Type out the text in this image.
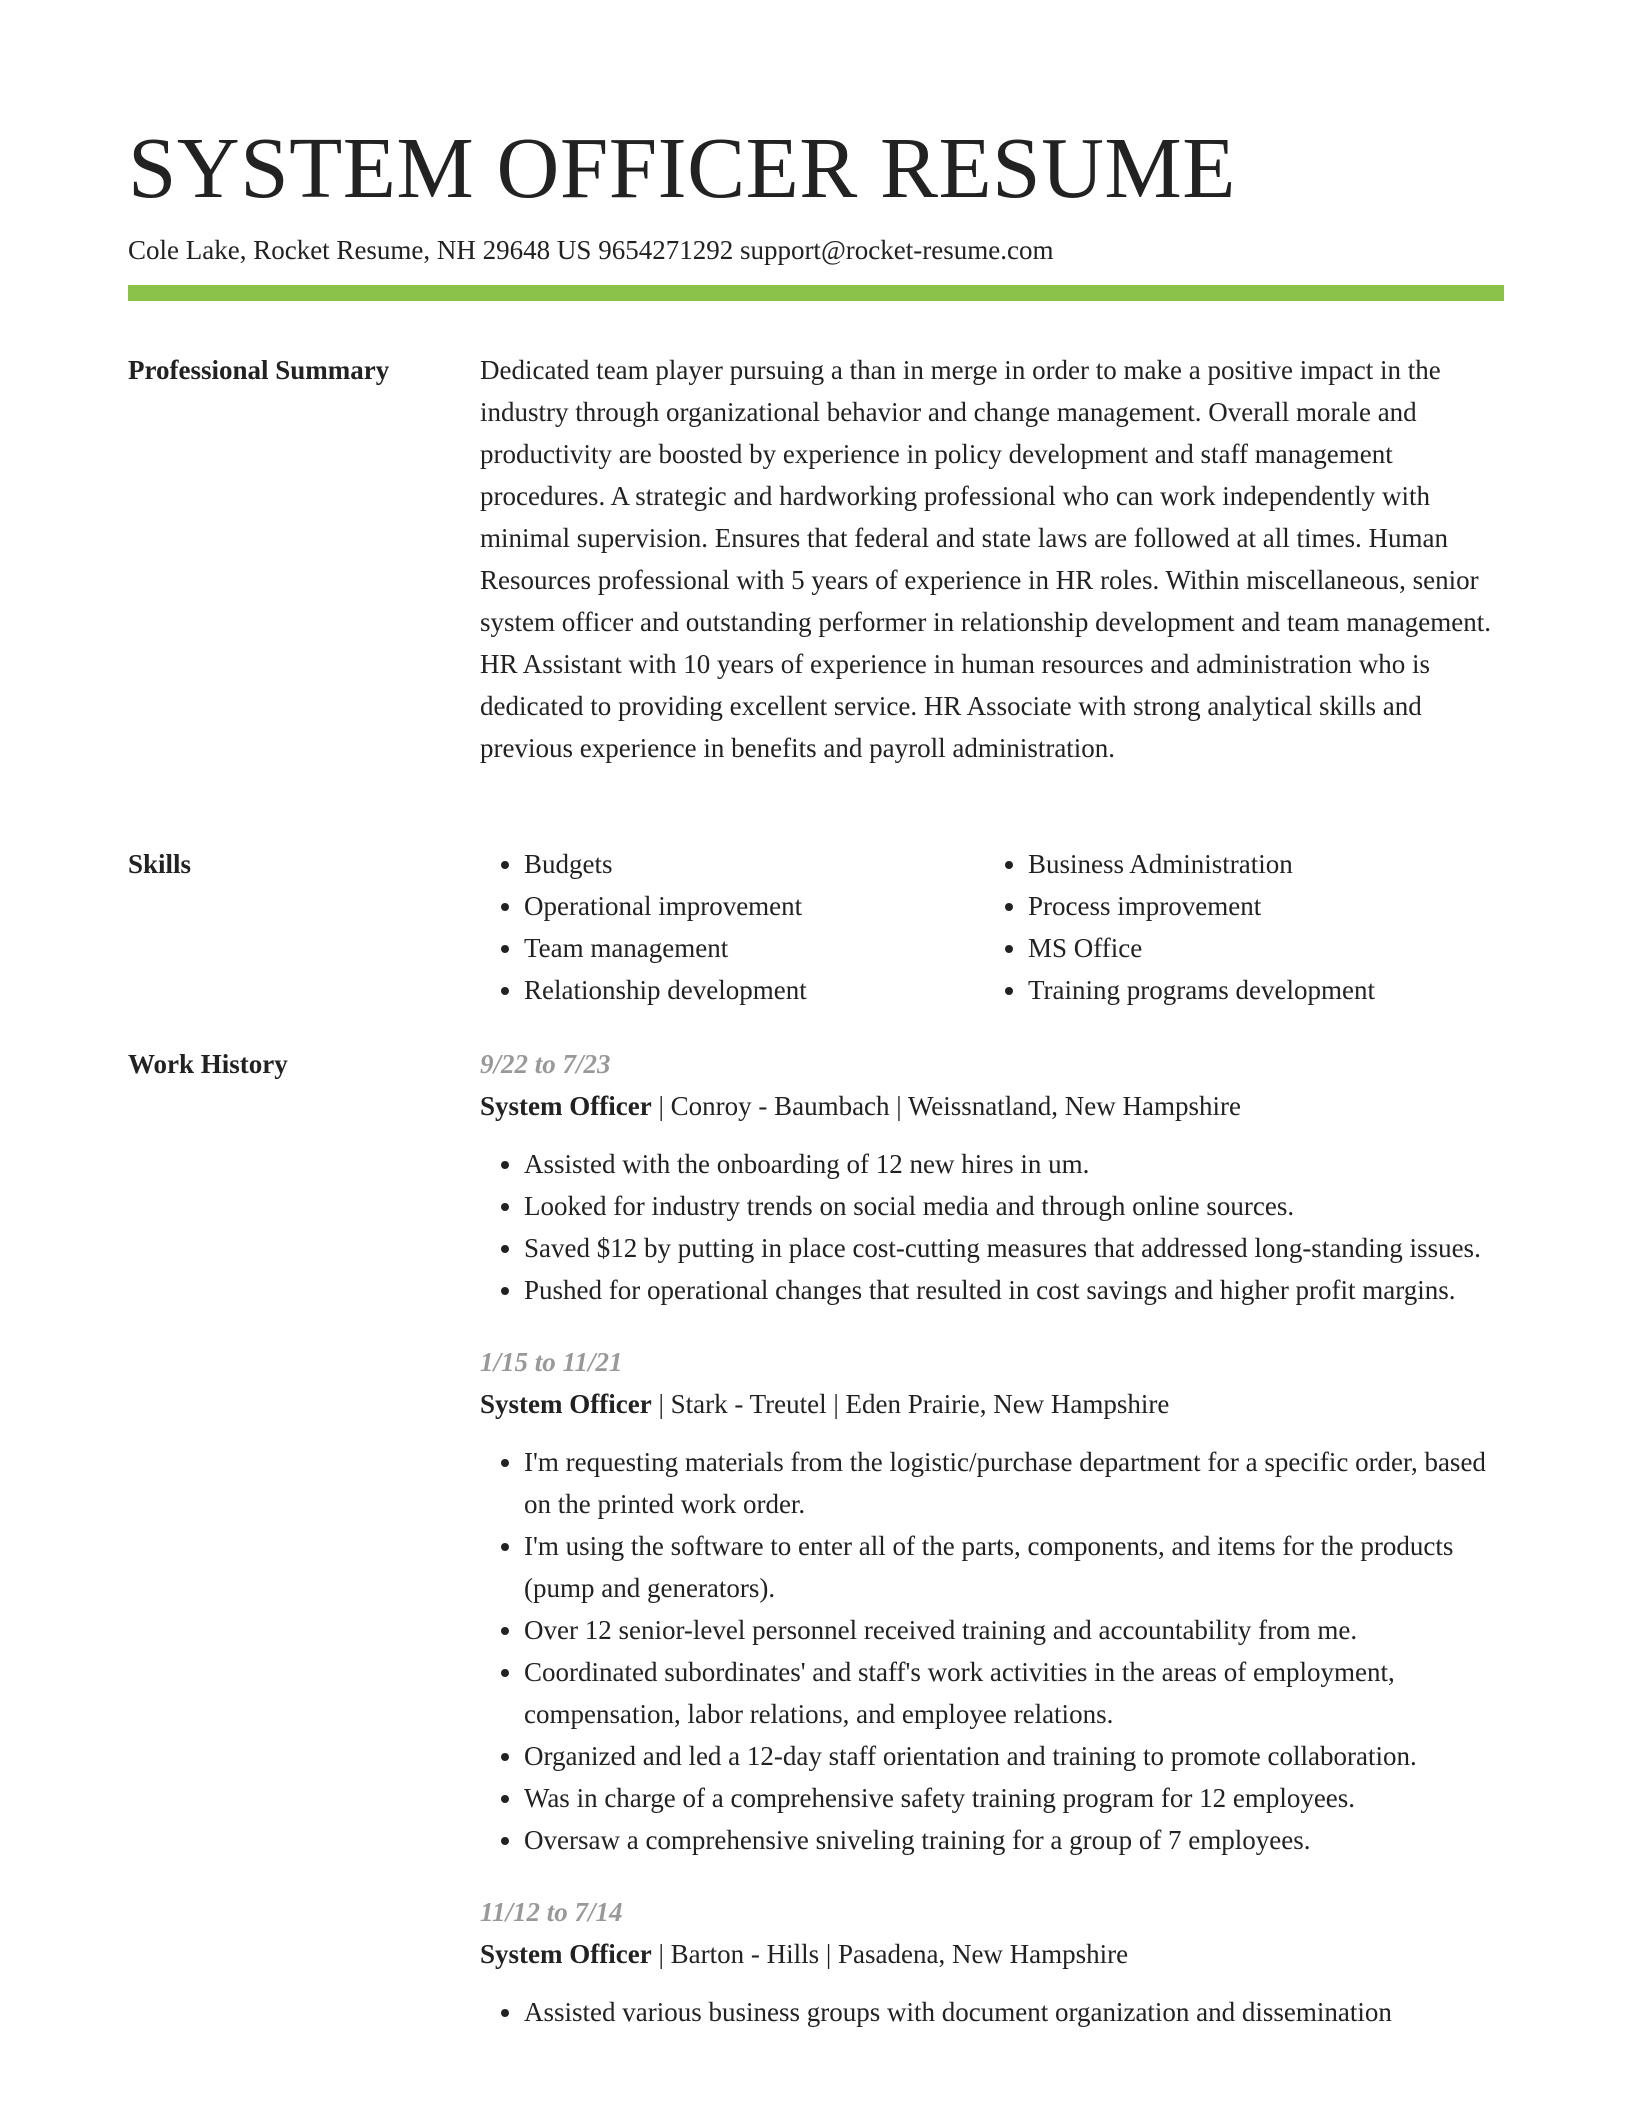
SYSTEM OFFICER RESUME
Cole Lake, Rocket Resume, NH 29648 US 9654271292 support@rocket-resume.com
Professional Summary	Dedicated team player pursuing a than in merge in order to make a positive impact in the industry through organizational behavior and change management. Overall morale and productivity are boosted by experience in policy development and staff management procedures. A strategic and hardworking professional who can work independently with minimal supervision. Ensures that federal and state laws are followed at all times. Human Resources professional with 5 years of experience in HR roles. Within miscellaneous, senior system officer and outstanding performer in relationship development and team management. HR Assistant with 10 years of experience in human resources and administration who is dedicated to providing excellent service. HR Associate with strong analytical skills and previous experience in benefits and payroll administration.

Skills
•	Budgets
• Operational improvement
• Team management
• Relationship development
• Business Administration
• Process improvement
• MS Office
• Training programs development
Work History	9/22 to 7/23
System Officer | Conroy - Baumbach | Weissnatland, New Hampshire
• Assisted with the onboarding of 12 new hires in um.
• Looked for industry trends on social media and through online sources.
• Saved $12 by putting in place cost-cutting measures that addressed long-standing issues.
• Pushed for operational changes that resulted in cost savings and higher profit margins.
1/15 to 11/21
System Officer | Stark - Treutel | Eden Prairie, New Hampshire
• I'm requesting materials from the logistic/purchase department for a specific order, based on the printed work order.
• I'm using the software to enter all of the parts, components, and items for the products (pump and generators).
• Over 12 senior-level personnel received training and accountability from me.
• Coordinated subordinates' and staff's work activities in the areas of employment, compensation, labor relations, and employee relations.
• Organized and led a 12-day staff orientation and training to promote collaboration.
• Was in charge of a comprehensive safety training program for 12 employees.
• Oversaw a comprehensive sniveling training for a group of 7 employees.
11/12 to 7/14
System Officer | Barton - Hills | Pasadena, New Hampshire
• Assisted various business groups with document organization and dissemination
